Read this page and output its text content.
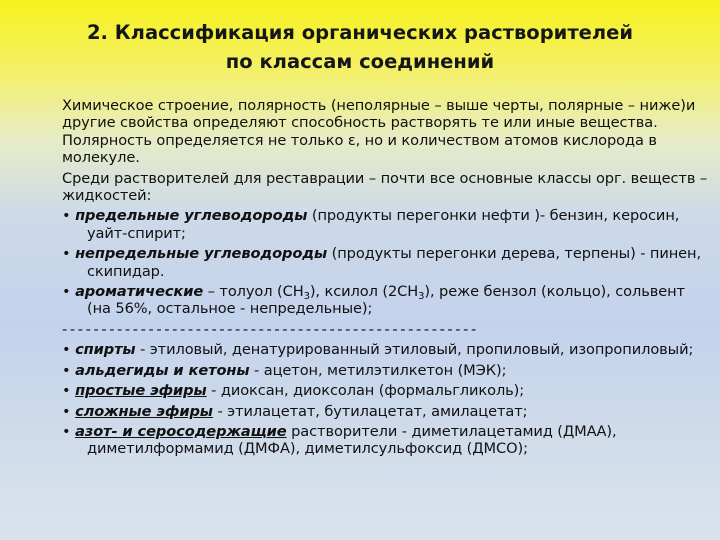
2. Классификация органических растворителей
по классам соединений

Химическое строение, полярность (неполярные – выше черты, полярные – ниже)и другие свойства определяют способность растворять те или иные вещества. Полярность определяется не только ε, но и количеством атомов кислорода в молекуле.

Среди растворителей для реставрации – почти все основные классы орг. веществ – жидкостей:

• предельные углеводороды (продукты перегонки нефти )- бензин, керосин, уайт-спирит;

• непредельные углеводороды (продукты перегонки дерева, терпены) - пинен, скипидар.

• ароматические – толуол $(CH_3)$, ксилол $(2CH_3)$, реже бензол (кольцо), сольвент (на 56%, остальное - непредельные);

-----------------------------------------------------

• спирты - этиловый, денатурированный этиловый, пропиловый, изопропиловый;

• альдегиды и кетоны - ацетон, метилэтилкетон (МЭК);

• простые эфиры - диоксан, диоксолан (формальгликоль);

• сложные эфиры - этилацетат, бутилацетат, амилацетат;

• азот- и серосодержащие растворители - диметилацетамид (ДМАА), диметилформамид (ДМФА), диметилсульфоксид (ДМСО);
